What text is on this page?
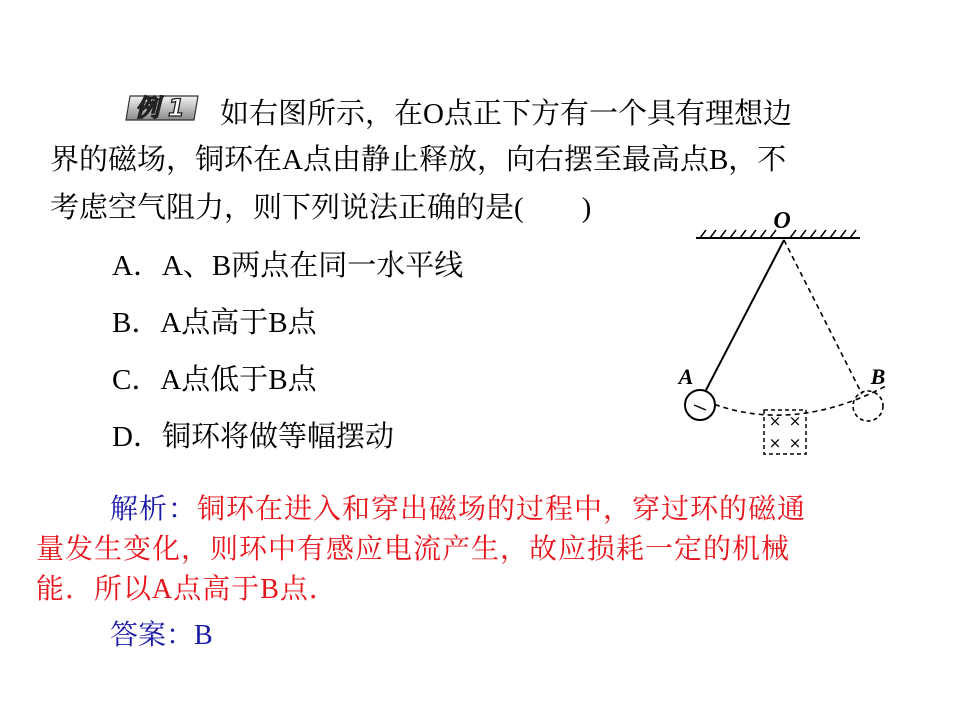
例 1 如右图所示，在O点正下方有一个具有理想边
界的磁场，铜环在A点由静止释放，向右摆至最高点B，不
考虑空气阻力，则下列说法正确的是(　　)
A．A、B两点在同一水平线
B．A点高于B点
C．A点低于B点
D．铜环将做等幅摆动
O
A	B
× ×
× ×
解析：铜环在进入和穿出磁场的过程中，穿过环的磁通
量发生变化，则环中有感应电流产生，故应损耗一定的机械
能．所以A点高于B点．
答案：B
